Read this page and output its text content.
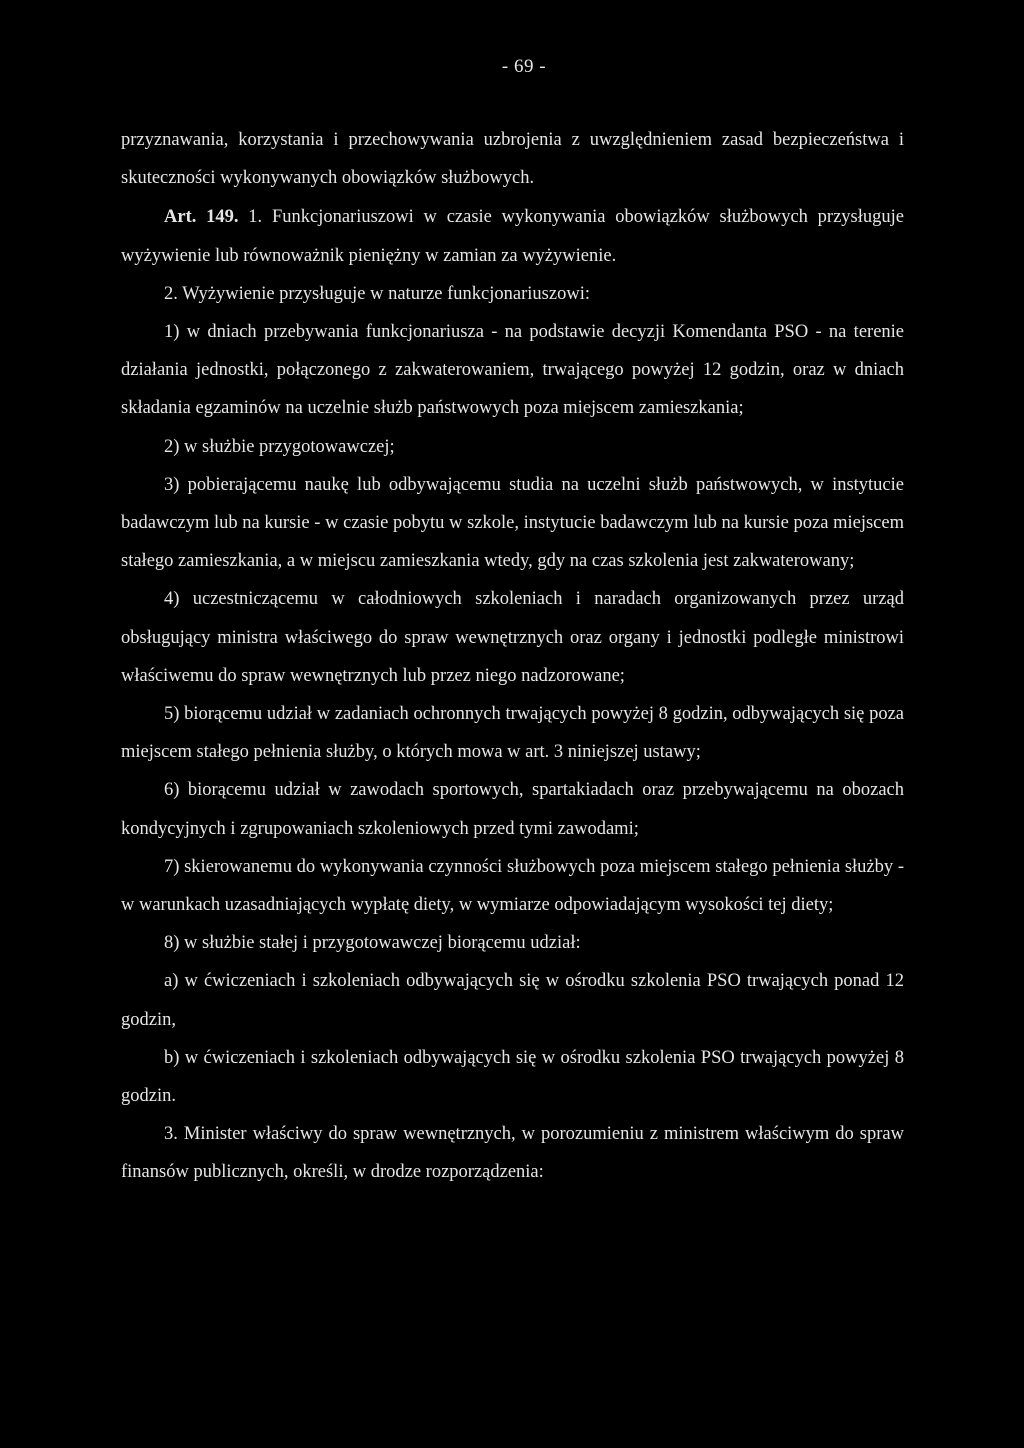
- 69 -

przyznawania, korzystania i przechowywania uzbrojenia z uwzględnieniem zasad bezpieczeństwa i skuteczności wykonywanych obowiązków służbowych.

Art. 149. 1. Funkcjonariuszowi w czasie wykonywania obowiązków służbowych przysługuje wyżywienie lub równoważnik pieniężny w zamian za wyżywienie.

2. Wyżywienie przysługuje w naturze funkcjonariuszowi:

1) w dniach przebywania funkcjonariusza - na podstawie decyzji Komendanta PSO - na terenie działania jednostki, połączonego z zakwaterowaniem, trwającego powyżej 12 godzin, oraz w dniach składania egzaminów na uczelnie służb państwowych poza miejscem zamieszkania;

2) w służbie przygotowawczej;

3) pobierającemu naukę lub odbywającemu studia na uczelni służb państwowych, w instytucie badawczym lub na kursie - w czasie pobytu w szkole, instytucie badawczym lub na kursie poza miejscem stałego zamieszkania, a w miejscu zamieszkania wtedy, gdy na czas szkolenia jest zakwaterowany;

4) uczestniczącemu w całodniowych szkoleniach i naradach organizowanych przez urząd obsługujący ministra właściwego do spraw wewnętrznych oraz organy i jednostki podległe ministrowi właściwemu do spraw wewnętrznych lub przez niego nadzorowane;

5) biorącemu udział w zadaniach ochronnych trwających powyżej 8 godzin, odbywających się poza miejscem stałego pełnienia służby, o których mowa w art. 3 niniejszej ustawy;

6) biorącemu udział w zawodach sportowych, spartakiadach oraz przebywającemu na obozach kondycyjnych i zgrupowaniach szkoleniowych przed tymi zawodami;

7) skierowanemu do wykonywania czynności służbowych poza miejscem stałego pełnienia służby - w warunkach uzasadniających wypłatę diety, w wymiarze odpowiadającym wysokości tej diety;

8) w służbie stałej i przygotowawczej biorącemu udział:

a) w ćwiczeniach i szkoleniach odbywających się w ośrodku szkolenia PSO trwających ponad 12 godzin,

b) w ćwiczeniach i szkoleniach odbywających się w ośrodku szkolenia PSO trwających powyżej 8 godzin.

3. Minister właściwy do spraw wewnętrznych, w porozumieniu z ministrem właściwym do spraw finansów publicznych, określi, w drodze rozporządzenia:
